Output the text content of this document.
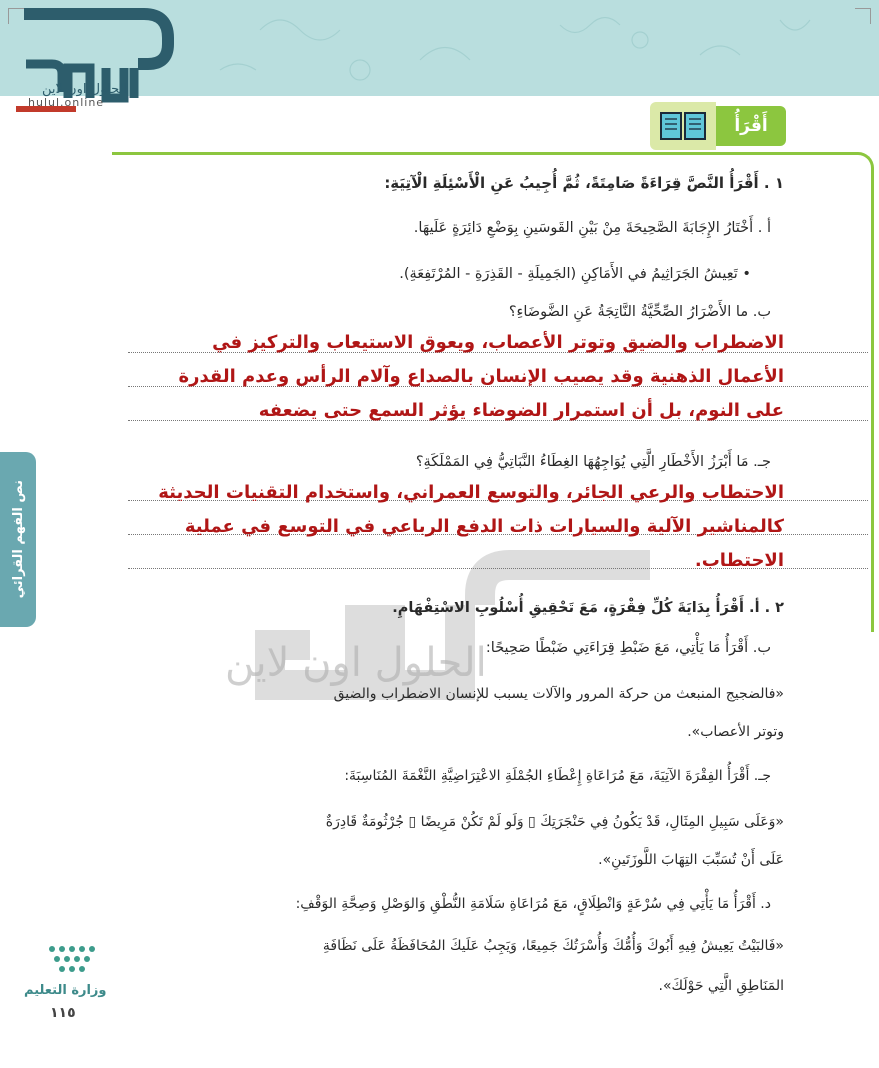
الحلول اون لاين
hulul.online
أَقْرَأُ
نص الفهم القرائي
الحلول اون لاين
١ . أَقْرَأُ النَّصَّ قِرَاءَةً صَامِتَةً، ثُمَّ أُجِيبُ عَنِ الْأَسْئِلَةِ الْآتِيَةِ:
أ . أَخْتَارُ الإِجَابَةَ الصَّحِيحَةَ مِنْ بَيْنِ القَوسَينِ بِوَضْعِ دَائِرَةٍ عَلَيهَا.
• تَعِيشُ الجَرَاثِيمُ في الأَمَاكِنِ (الجَمِيلَةِ - القَذِرَةِ - المُرْتَفِعَةِ).
ب. ما الأَضْرَارُ الصِّحِّيَّةُ النَّاتِجَةُ عَنِ الضَّوضَاءِ؟
الاضطراب والضيق وتوتر الأعصاب، ويعوق الاستيعاب والتركيز في
الأعمال الذهنية وقد يصيب الإنسان بالصداع وآلام الرأس وعدم القدرة
على النوم، بل أن استمرار الضوضاء يؤثر السمع حتى يضعفه
جـ. مَا أَبْرَزُ الأَخْطَارِ الَّتِي يُوَاجِهُهَا الغِطَاءُ النَّبَاتِيُّ فِي المَمْلَكَةِ؟
الاحتطاب والرعي الجائر، والتوسع العمراني، واستخدام التقنيات الحديثة
كالمناشير الآلية والسيارات ذات الدفع الرباعي في التوسع في عملية
الاحتطاب.
٢ . أ. أَقْرَأُ بِدَايَةَ كُلِّ فِقْرَةٍ، مَعَ تَحْقِيقِ أُسْلُوبِ الاسْتِفْهَامِ.
ب. أَقْرَأُ مَا يَأْتِي، مَعَ ضَبْطِ قِرَاءَتِي ضَبْطًا صَحِيحًا:
«فالضجيج المنبعث من حركة المرور والآلات يسبب للإنسان الاضطراب والضيق
وتوتر الأعصاب».
جـ. أَقْرَأُ الفِقْرَةَ الآتِيَةَ، مَعَ مُرَاعَاةِ إِعْطَاءِ الجُمْلَةِ الاعْتِرَاضِيَّةِ النَّغْمَةَ المُنَاسِبَةَ:
«وَعَلَى سَبِيلِ المِثَالِ، قَدْ يَكُونُ فِي حَنْجَرَتِكَ ▯ وَلَو لَمْ تَكُنْ مَرِيضًا ▯ جُرْثُومَةٌ قَادِرَةٌ
عَلَى أَنْ تُسَبِّبَ التِهَابَ اللَّوزَتَينِ».
د. أَقْرَأُ مَا يَأْتِي فِي سُرْعَةٍ وَانْطِلَاقٍ، مَعَ مُرَاعَاةِ سَلَامَةِ النُّطْقِ وَالوَصْلِ وَصِحَّةِ الوَقْفِ:
«فَالبَيْتُ يَعِيشُ فِيهِ أَبُوكَ وَأُمُّكَ وَأُسْرَتُكَ جَمِيعًا، وَيَجِبُ عَلَيكَ المُحَافَظَةُ عَلَى نَظَافَةِ
المَنَاطِقِ الَّتِي حَوْلَكَ».
وزارة التعليم
١١٥
